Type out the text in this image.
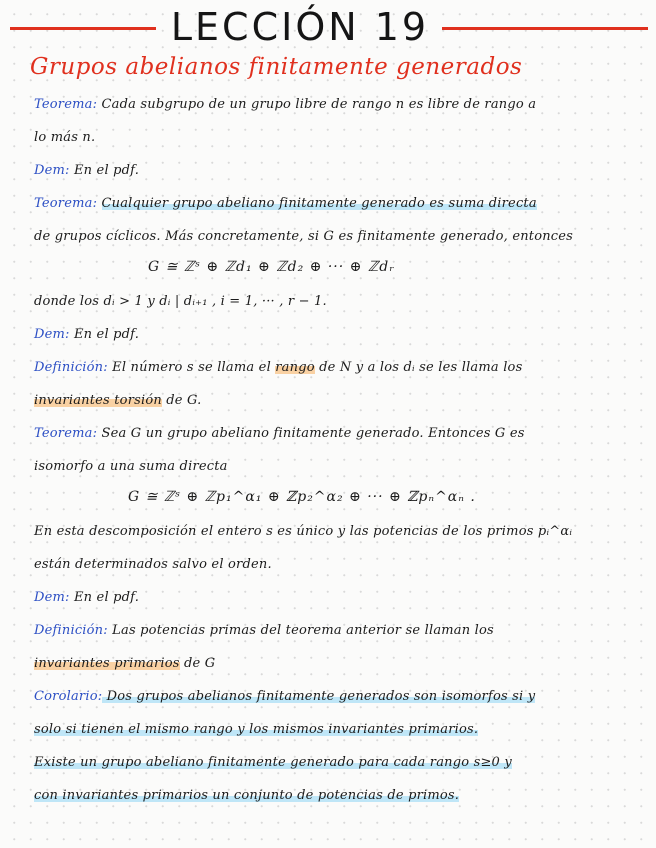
LECCIÓN 19
Grupos abelianos finitamente generados
Teorema: Cada subgrupo de un grupo libre de rango n es libre de rango a
lo más n.
Dem: En el pdf.
Teorema: Cualquier grupo abeliano finitamente generado es suma directa
de grupos cíclicos. Más concretamente, si G es finitamente generado, entonces
G ≅ ℤˢ ⊕ ℤd₁ ⊕ ℤd₂ ⊕ ··· ⊕ ℤdᵣ
donde los dᵢ > 1 y dᵢ | dᵢ₊₁ , i = 1, ··· , r − 1.
Dem: En el pdf.
Definición: El número s se llama el rango de N y a los dᵢ se les llama los
invariantes torsión de G.
Teorema: Sea G un grupo abeliano finitamente generado. Entonces G es
isomorfo a una suma directa
G ≅ ℤˢ ⊕ ℤp₁^α₁ ⊕ ℤp₂^α₂ ⊕ ··· ⊕ ℤpₙ^αₙ .
En esta descomposición el entero s es único y las potencias de los primos pᵢ^αᵢ
están determinados salvo el orden.
Dem: En el pdf.
Definición: Las potencias primas del teorema anterior se llaman los
invariantes primarios de G
Corolario: Dos grupos abelianos finitamente generados son isomorfos si y
solo si tienen el mismo rango y los mismos invariantes primarios.
Existe un grupo abeliano finitamente generado para cada rango s≥0 y
con invariantes primarios un conjunto de potencias de primos.
